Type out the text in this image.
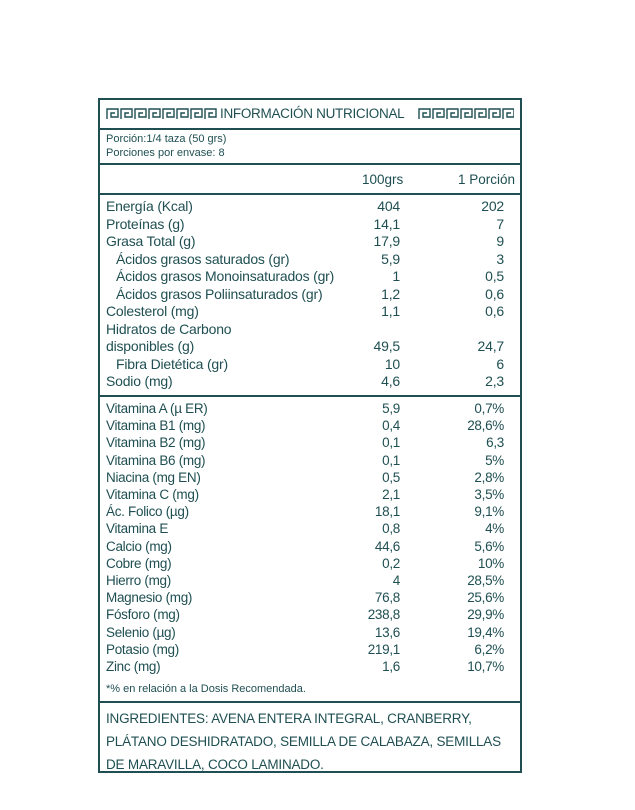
INFORMACIÓN NUTRICIONAL
Porción:1/4 taza (50 grs)
Porciones por envase: 8
100grs	1 Porción
Energía (Kcal)	404	202
Proteínas (g)	14,1	7
Grasa Total (g)	17,9	9
Ácidos grasos saturados (gr)	5,9	3
Ácidos grasos Monoinsaturados (gr)	1	0,5
Ácidos grasos Poliinsaturados (gr)	1,2	0,6
Colesterol (mg)	1,1	0,6
Hidratos de Carbono
disponibles (g)	49,5	24,7
Fibra Dietética (gr)	10	6
Sodio (mg)	4,6	2,3
Vitamina A (µ ER)	5,9	0,7%
Vitamina B1 (mg)	0,4	28,6%
Vitamina B2 (mg)	0,1	6,3
Vitamina B6 (mg)	0,1	5%
Niacina (mg EN)	0,5	2,8%
Vitamina C (mg)	2,1	3,5%
Ác. Folico (µg)	18,1	9,1%
Vitamina E	0,8	4%
Calcio (mg)	44,6	5,6%
Cobre (mg)	0,2	10%
Hierro (mg)	4	28,5%
Magnesio (mg)	76,8	25,6%
Fósforo (mg)	238,8	29,9%
Selenio (µg)	13,6	19,4%
Potasio (mg)	219,1	6,2%
Zinc (mg)	1,6	10,7%
*% en relación a la Dosis Recomendada.
INGREDIENTES: AVENA ENTERA INTEGRAL, CRANBERRY,
PLÁTANO DESHIDRATADO, SEMILLA DE CALABAZA, SEMILLAS
DE MARAVILLA, COCO LAMINADO.
